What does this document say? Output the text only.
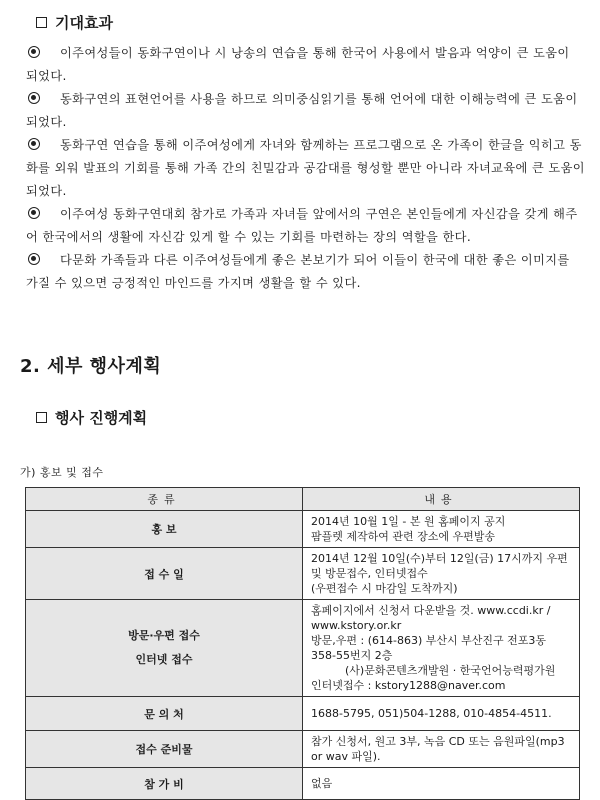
기대효과
이주여성들이 동화구연이나 시 낭송의 연습을 통해 한국어 사용에서 발음과 억양이 큰 도움이 되었다.
동화구연의 표현언어를 사용을 하므로 의미중심읽기를 통해 언어에 대한 이해능력에 큰 도움이 되었다.
동화구연 연습을 통해 이주여성에게 자녀와 함께하는 프로그램으로 온 가족이 한글을 익히고 동화를 외워 발표의 기회를 통해 가족 간의 친밀감과 공감대를 형성할 뿐만 아니라 자녀교육에 큰 도움이 되었다.
이주여성 동화구연대회 참가로 가족과 자녀들 앞에서의 구연은 본인들에게 자신감을 갖게 해주어 한국에서의 생활에 자신감 있게 할 수 있는 기회를 마련하는 장의 역할을 한다.
다문화 가족들과 다른 이주여성들에게 좋은 본보기가 되어 이들이 한국에 대한 좋은 이미지를 가질 수 있으면 긍정적인 마인드를 가지며 생활을 할 수 있다.
2. 세부 행사계획
행사 진행계획
가) 홍보 및 접수
종류	내용
홍 보	2014년 10월 1일 - 본 원 홈페이지 공지
팜플렛 제작하여 관련 장소에 우편발송

접 수 일	2014년 12월 10일(수)부터 12일(금) 17시까지 우편 및 방문접수, 인터넷접수
(우편접수 시 마감일 도착까지)

방문·우편 접수
인터넷 접수	홈페이지에서 신청서 다운받을 것. www.ccdi.kr / www.kstory.or.kr
방문,우편 : (614-863) 부산시 부산진구 전포3동 358-55번지 2층
(사)문화콘텐츠개발원 · 한국언어능력평가원
인터넷접수 : kstory1288@naver.com

문 의 처	1688-5795, 051)504-1288, 010-4854-4511.

접수 준비물	참가 신청서, 원고 3부, 녹음 CD 또는 음원파일(mp3 or wav 파일).

참 가 비	없음
